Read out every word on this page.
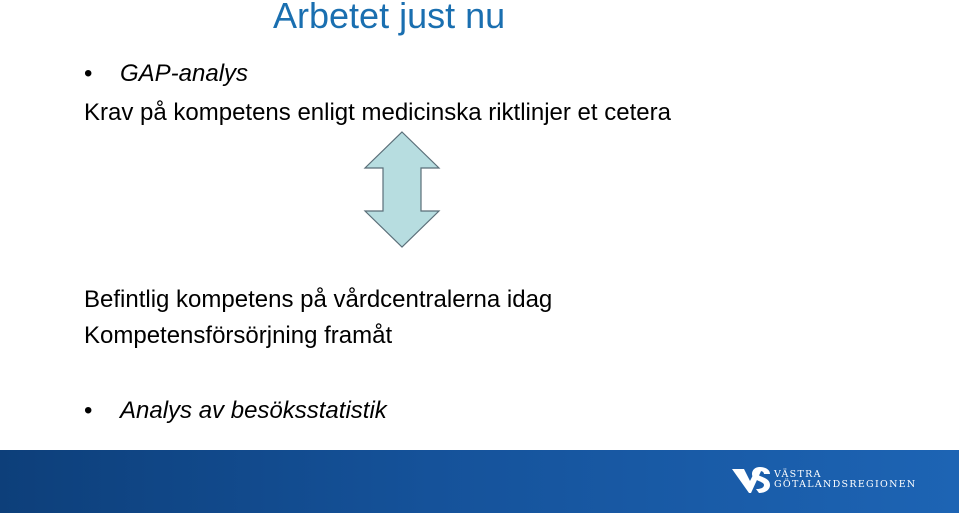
Arbetet just nu
• GAP-analys
Krav på kompetens enligt medicinska riktlinjer et cetera
Befintlig kompetens på vårdcentralerna idag
Kompetensförsörjning framåt
• Analys av besöksstatistik
VÄSTRA
GÖTALANDSREGIONEN
